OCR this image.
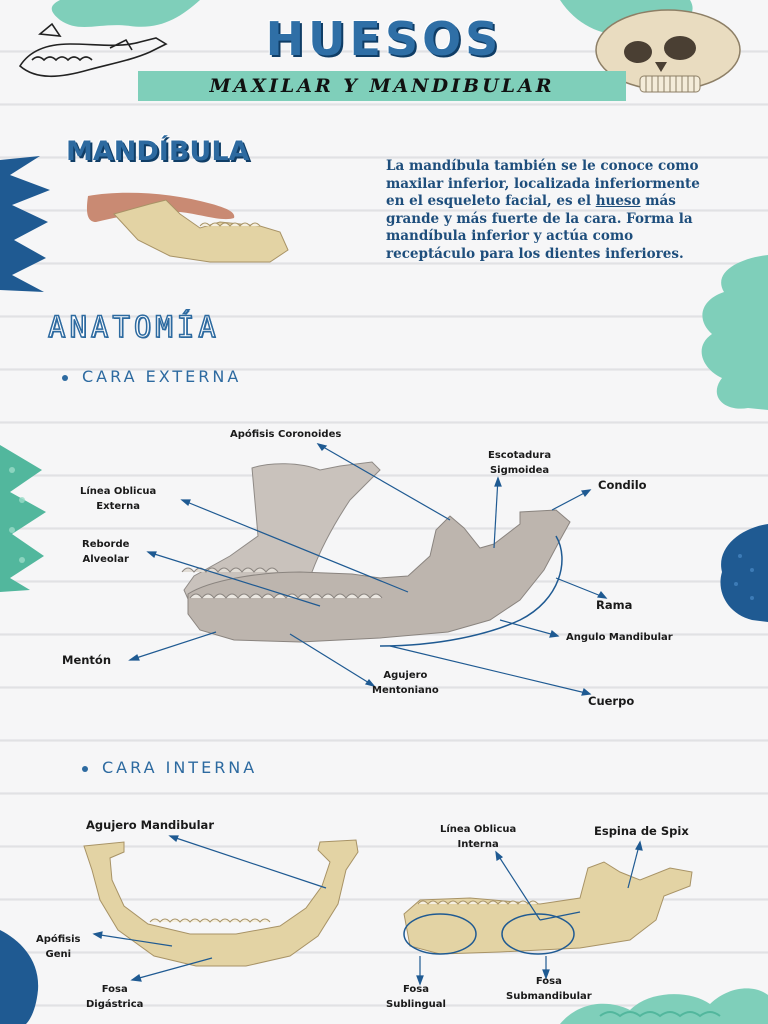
HUESOS
MAXILAR Y MANDIBULAR
MANDÍBULA	La mandíbula también se le conoce como maxilar inferior, localizada inferiormente en el esqueleto facial, es el hueso más grande y más fuerte de la cara. Forma la mandíbula inferior y actúa como receptáculo para los dientes inferiores.
ANATOMÍA
CARA EXTERNA
Apófisis Coronoides
Escotadura
Sigmoidea
Condilo
Línea Oblicua
Externa
Reborde
Alveolar
Rama
Angulo Mandibular
Mentón
Agujero
Mentoniano
Cuerpo
CARA INTERNA
Agujero Mandibular
Apófisis
Geni
Fosa
Digástrica
Línea Oblicua
Interna
Espina de Spix
Fosa
Sublingual
Fosa
Submandibular
